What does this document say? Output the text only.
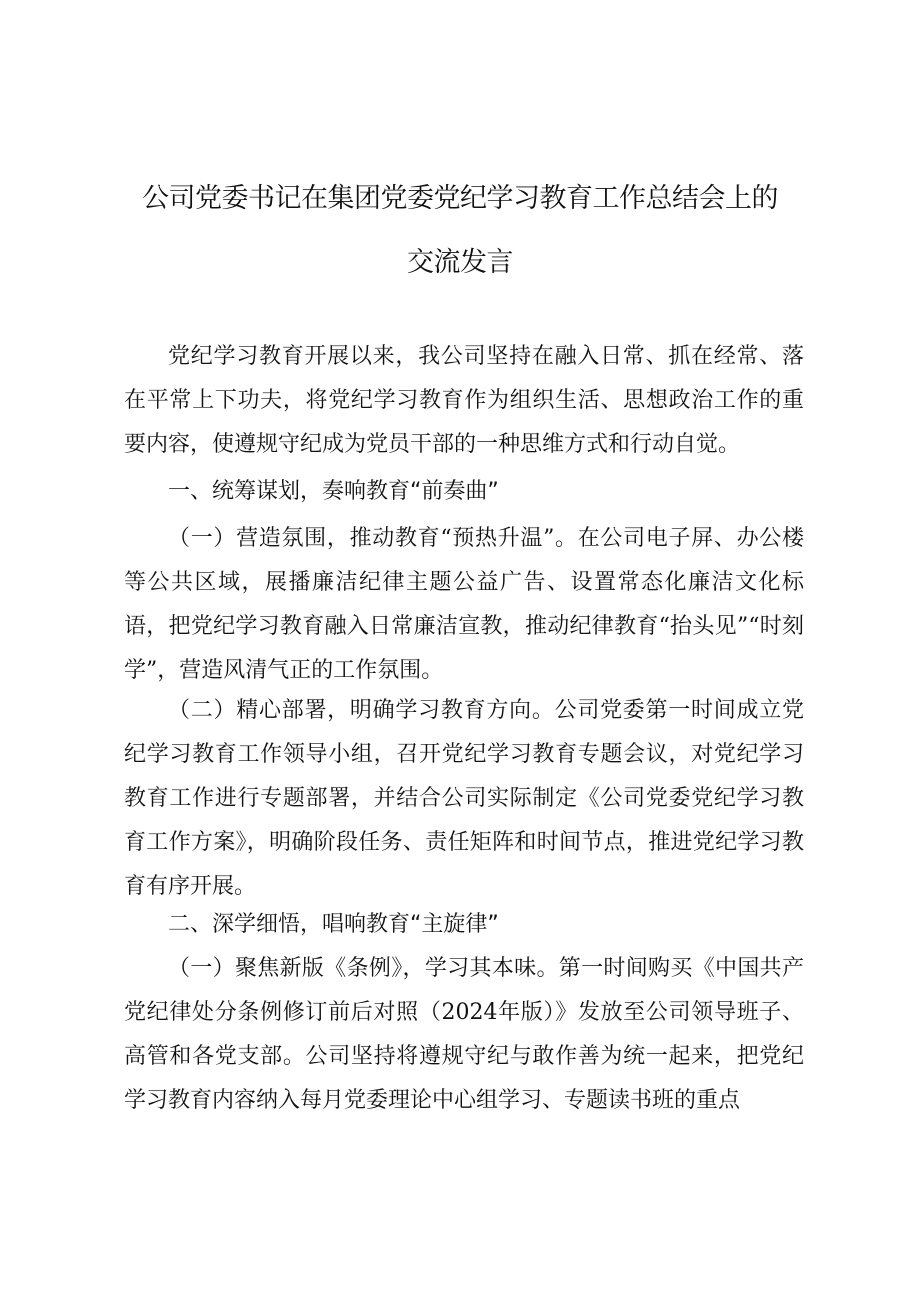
公司党委书记在集团党委党纪学习教育工作总结会上的
交流发言

党纪学习教育开展以来，我公司坚持在融入日常、抓在经常、落在平常上下功夫，将党纪学习教育作为组织生活、思想政治工作的重要内容，使遵规守纪成为党员干部的一种思维方式和行动自觉。

一、统筹谋划，奏响教育“前奏曲”

（一）营造氛围，推动教育“预热升温”。在公司电子屏、办公楼等公共区域，展播廉洁纪律主题公益广告、设置常态化廉洁文化标语，把党纪学习教育融入日常廉洁宣教，推动纪律教育“抬头见”“时刻学”，营造风清气正的工作氛围。

（二）精心部署，明确学习教育方向。公司党委第一时间成立党纪学习教育工作领导小组，召开党纪学习教育专题会议，对党纪学习教育工作进行专题部署，并结合公司实际制定《公司党委党纪学习教育工作方案》，明确阶段任务、责任矩阵和时间节点，推进党纪学习教育有序开展。

二、深学细悟，唱响教育“主旋律”

（一）聚焦新版《条例》，学习其本味。第一时间购买《中国共产党纪律处分条例修订前后对照（2024年版）》发放至公司领导班子、高管和各党支部。公司坚持将遵规守纪与敢作善为统一起来，把党纪学习教育内容纳入每月党委理论中心组学习、专题读书班的重点
